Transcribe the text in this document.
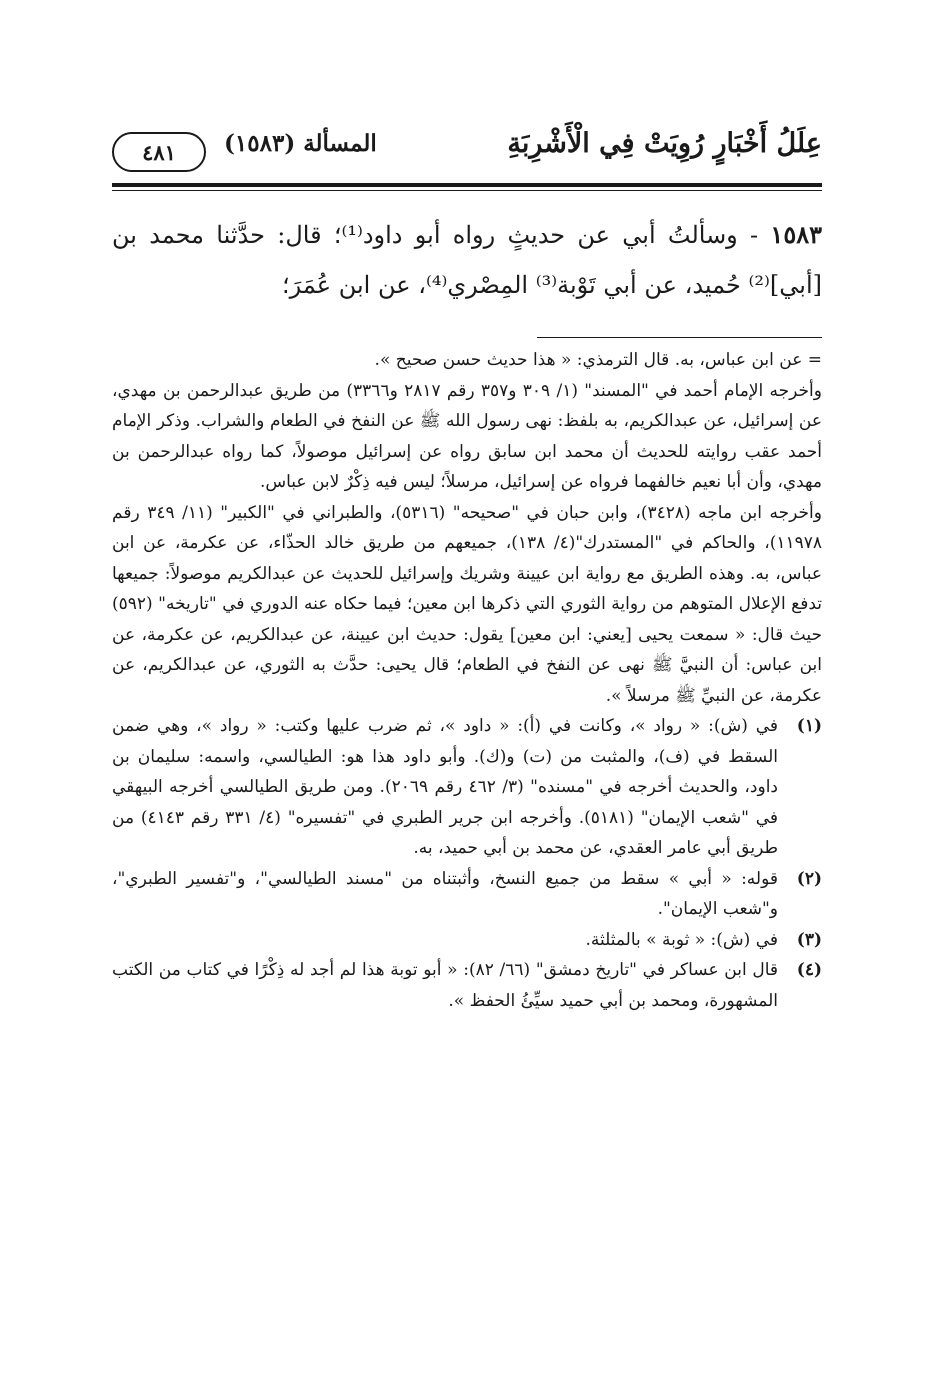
عِلَلُ أَخْبَارٍ رُوِيَتْ فِي الْأَشْرِبَةِ
المسألة (١٥٨٣)
٤٨١
١٥٨٣ - وسألتُ أبي عن حديثٍ رواه أبو داود⁽¹⁾؛ قال: حدَّثنا محمد بن [أبي]⁽²⁾ حُميد، عن أبي تَوْبة⁽³⁾ المِصْري⁽⁴⁾، عن ابن عُمَرَ؛

= عن ابن عباس، به. قال الترمذي: « هذا حديث حسن صحيح ».

وأخرجه الإمام أحمد في "المسند" (١/ ٣٠٩ و٣٥٧ رقم ٢٨١٧ و٣٣٦٦) من طريق عبدالرحمن بن مهدي، عن إسرائيل، عن عبدالكريم، به بلفظ: نهى رسول الله ﷺ عن النفخ في الطعام والشراب. وذكر الإمام أحمد عقب روايته للحديث أن محمد ابن سابق رواه عن إسرائيل موصولاً، كما رواه عبدالرحمن بن مهدي، وأن أبا نعيم خالفهما فرواه عن إسرائيل، مرسلاً؛ ليس فيه ذِكْرٌ لابن عباس.

وأخرجه ابن ماجه (٣٤٢٨)، وابن حبان في "صحيحه" (٥٣١٦)، والطبراني في "الكبير" (١١/ ٣٤٩ رقم ١١٩٧٨)، والحاكم في "المستدرك"(٤/ ١٣٨)، جميعهم من طريق خالد الحذّاء، عن عكرمة، عن ابن عباس، به. وهذه الطريق مع رواية ابن عيينة وشريك وإسرائيل للحديث عن عبدالكريم موصولاً: جميعها تدفع الإعلال المتوهم من رواية الثوري التي ذكرها ابن معين؛ فيما حكاه عنه الدوري في "تاريخه" (٥٩٢) حيث قال: « سمعت يحيى [يعني: ابن معين] يقول: حديث ابن عيينة، عن عبدالكريم، عن عكرمة، عن ابن عباس: أن النبيَّ ﷺ نهى عن النفخ في الطعام؛ قال يحيى: حدَّث به الثوري، عن عبدالكريم، عن عكرمة، عن النبيِّ ﷺ مرسلاً ».

(١)
في (ش): « رواد »، وكانت في (أ): « داود »، ثم ضرب عليها وكتب: « رواد »، وهي ضمن السقط في (ف)، والمثبت من (ت) و(ك). وأبو داود هذا هو: الطيالسي، واسمه: سليمان بن داود، والحديث أخرجه في "مسنده" (٣/ ٤٦٢ رقم ٢٠٦٩). ومن طريق الطيالسي أخرجه البيهقي في "شعب الإيمان" (٥١٨١). وأخرجه ابن جرير الطبري في "تفسيره" (٤/ ٣٣١ رقم ٤١٤٣) من طريق أبي عامر العقدي، عن محمد بن أبي حميد، به.
(٢)
قوله: « أبي » سقط من جميع النسخ، وأثبتناه من "مسند الطيالسي"، و"تفسير الطبري"، و"شعب الإيمان".
(٣)
في (ش): « ثوبة » بالمثلثة.
(٤)
قال ابن عساكر في "تاريخ دمشق" (٦٦/ ٨٢): « أبو توبة هذا لم أجد له ذِكْرًا في كتاب من الكتب المشهورة، ومحمد بن أبي حميد سيِّئُ الحفظ ».
